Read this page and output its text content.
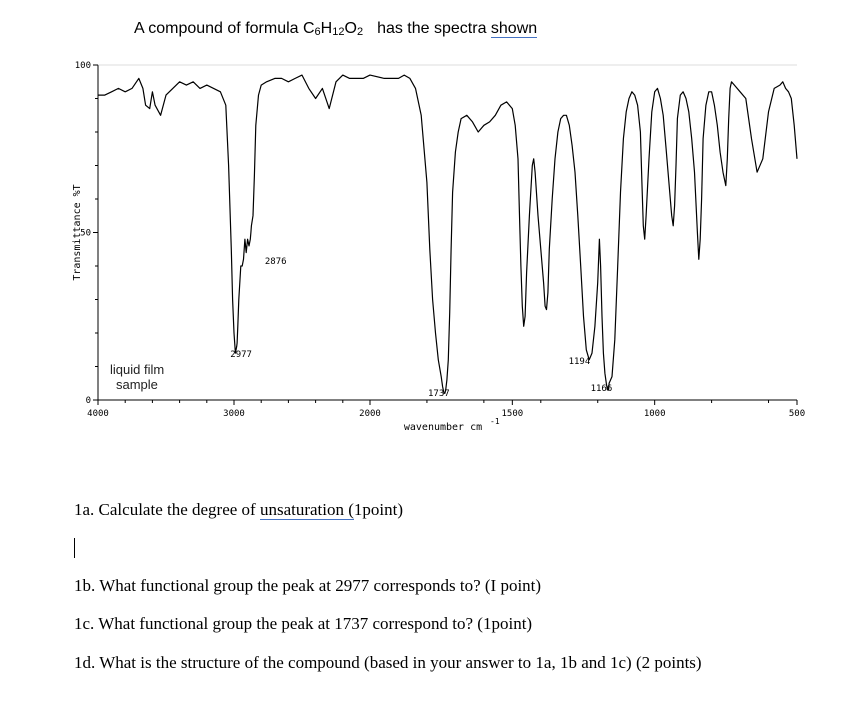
A compound of formula $C_6H_{12}O_2$ has the spectra shown
4000	3000	2000	1500	1000	500
0
50
100
Transmittance %T
wavenumber cm
-1
2977
2876
1737
1194
1166
liquid film
sample
1a. Calculate the degree of unsaturation (1point)
1b. What functional group the peak at 2977 corresponds to? (I point)
1c. What functional group the peak at 1737 correspond to? (1point)
1d. What is the structure of the compound (based in your answer to 1a, 1b and 1c) (2 points)
